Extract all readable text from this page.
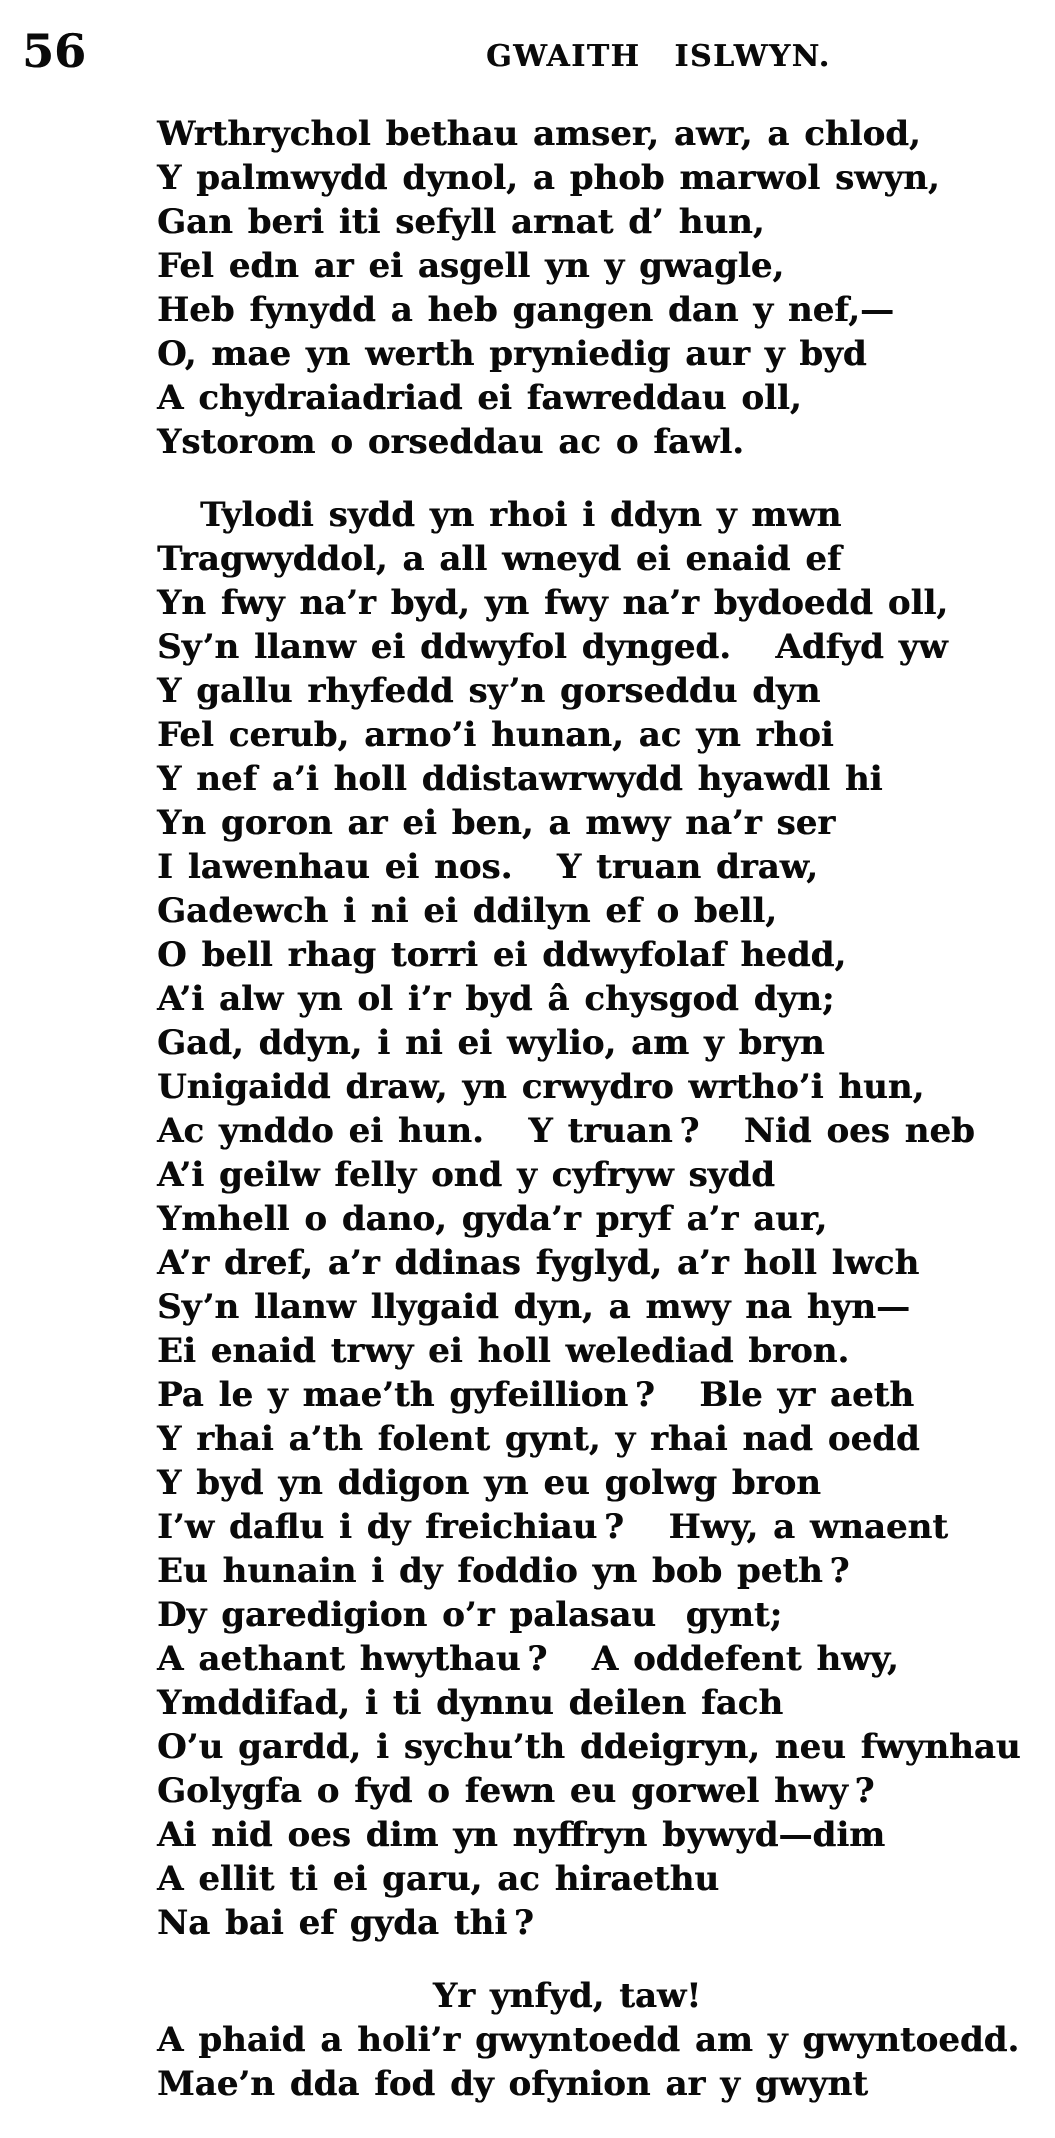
56	GWAITH ISLWYN.
Wrthrychol bethau amser, awr, a chlod,
Y palmwydd dynol, a phob marwol swyn,
Gan beri iti sefyll arnat d’ hun,
Fel edn ar ei asgell yn y gwagle,
Heb fynydd a heb gangen dan y nef,—
O, mae yn werth pryniedig aur y byd
A chydraiadriad ei fawreddau oll,
Ystorom o orseddau ac o fawl.
Tylodi sydd yn rhoi i ddyn y mwn
Tragwyddol, a all wneyd ei enaid ef
Yn fwy na’r byd, yn fwy na’r bydoedd oll,
Sy’n llanw ei ddwyfol dynged.   Adfyd yw
Y gallu rhyfedd sy’n gorseddu dyn
Fel cerub, arno’i hunan, ac yn rhoi
Y nef a’i holl ddistawrwydd hyawdl hi
Yn goron ar ei ben, a mwy na’r ser
I lawenhau ei nos.   Y truan draw,
Gadewch i ni ei ddilyn ef o bell,
O bell rhag torri ei ddwyfolaf hedd,
A’i alw yn ol i’r byd â chysgod dyn;
Gad, ddyn, i ni ei wylio, am y bryn
Unigaidd draw, yn crwydro wrtho’i hun,
Ac ynddo ei hun.   Y truan ?   Nid oes neb
A’i geilw felly ond y cyfryw sydd
Ymhell o dano, gyda’r pryf a’r aur,
A’r dref, a’r ddinas fyglyd, a’r holl lwch
Sy’n llanw llygaid dyn, a mwy na hyn—
Ei enaid trwy ei holl welediad bron.
Pa le y mae’th gyfeillion ?   Ble yr aeth
Y rhai a’th folent gynt, y rhai nad oedd
Y byd yn ddigon yn eu golwg bron
I’w daflu i dy freichiau ?   Hwy, a wnaent
Eu hunain i dy foddio yn bob peth ?
Dy garedigion o’r palasau  gynt;
A aethant hwythau ?   A oddefent hwy,
Ymddifad, i ti dynnu deilen fach
O’u gardd, i sychu’th ddeigryn, neu fwynhau
Golygfa o fyd o fewn eu gorwel hwy ?
Ai nid oes dim yn nyffryn bywyd—dim
A ellit ti ei garu, ac hiraethu
Na bai ef gyda thi ?
Yr ynfyd, taw!
A phaid a holi’r gwyntoedd am y gwyntoedd.
Mae’n dda fod dy ofynion ar y gwynt
